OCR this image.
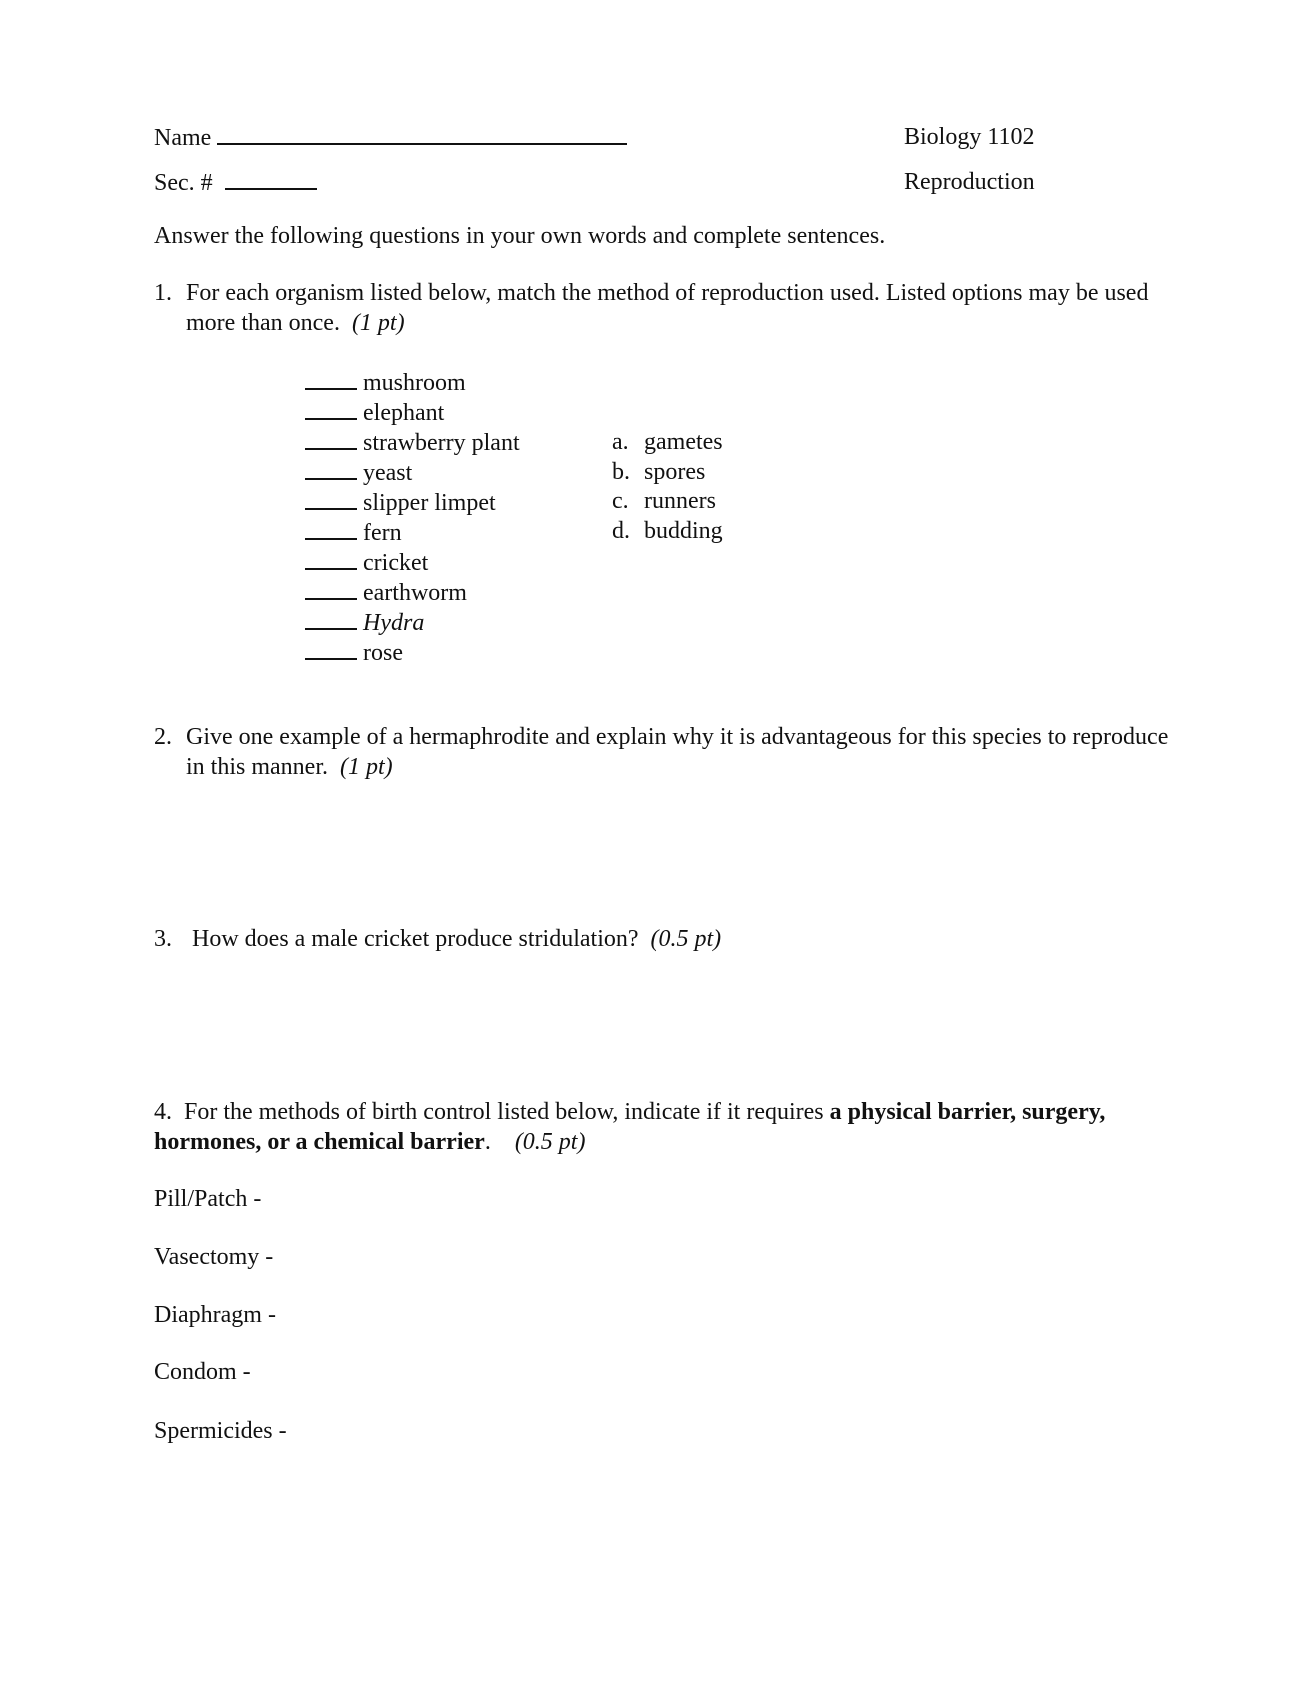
Name
Sec. #
Biology 1102
Reproduction
Answer the following questions in your own words and complete sentences.
1. For each organism listed below, match the method of reproduction used. Listed options may be used more than once. (1 pt)
mushroom
elephant
strawberry plant
yeast
slipper limpet
fern
cricket
earthworm
Hydra
rose
a. gametes
b. spores
c. runners
d. budding
2. Give one example of a hermaphrodite and explain why it is advantageous for this species to reproduce in this manner. (1 pt)
3. How does a male cricket produce stridulation? (0.5 pt)
4. For the methods of birth control listed below, indicate if it requires a physical barrier, surgery, hormones, or a chemical barrier. (0.5 pt)
Pill/Patch -
Vasectomy -
Diaphragm -
Condom -
Spermicides -
